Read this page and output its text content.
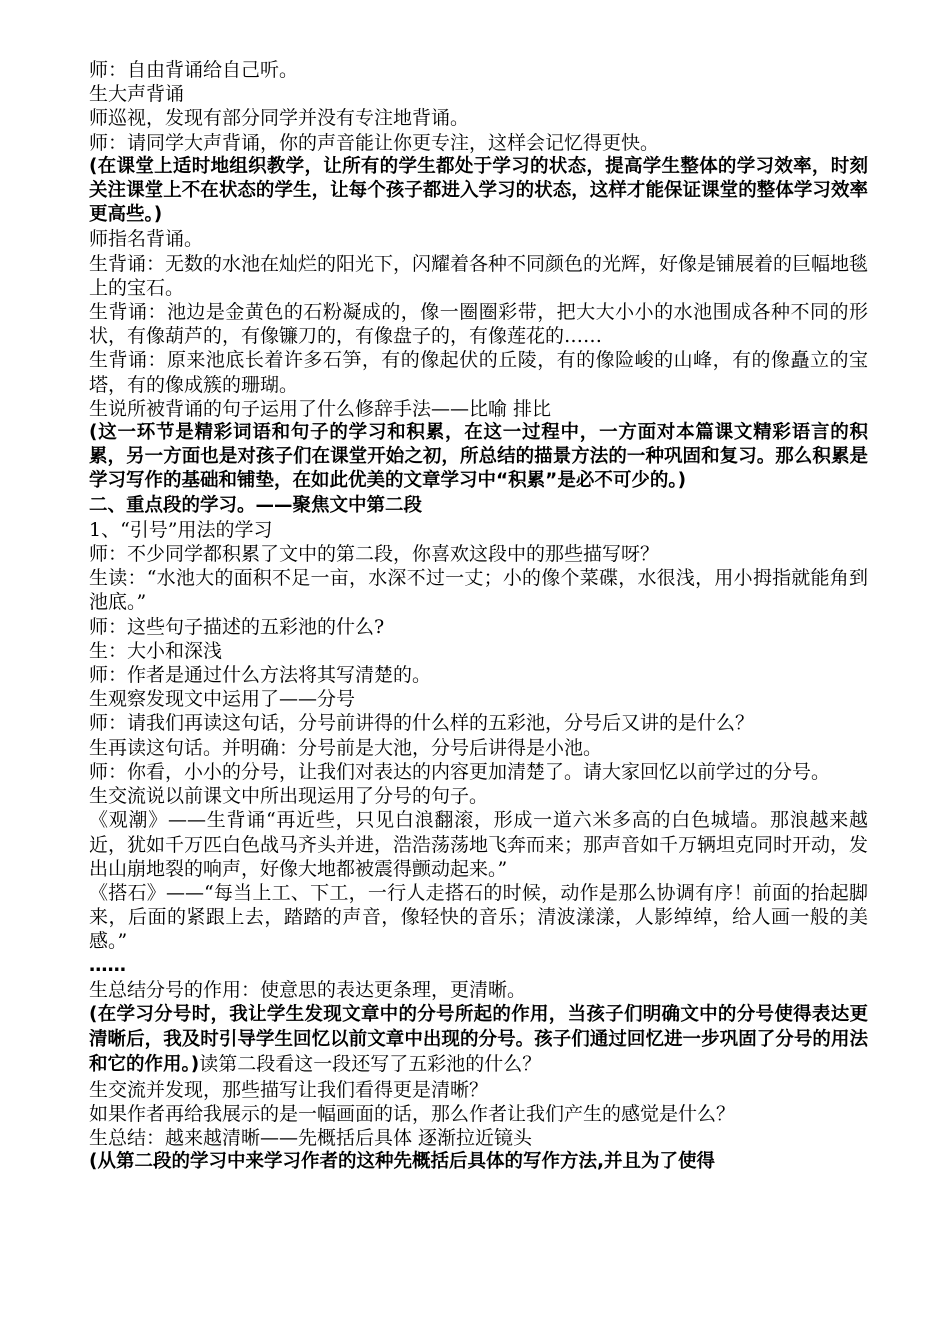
师：自由背诵给自己听。

生大声背诵

师巡视，发现有部分同学并没有专注地背诵。

师：请同学大声背诵，你的声音能让你更专注，这样会记忆得更快。

(在课堂上适时地组织教学，让所有的学生都处于学习的状态，提高学生整体的学习效率，时刻关注课堂上不在状态的学生，让每个孩子都进入学习的状态，这样才能保证课堂的整体学习效率更高些。)

师指名背诵。

生背诵：无数的水池在灿烂的阳光下，闪耀着各种不同颜色的光辉，好像是铺展着的巨幅地毯上的宝石。

生背诵：池边是金黄色的石粉凝成的，像一圈圈彩带，把大大小小的水池围成各种不同的形状，有像葫芦的，有像镰刀的，有像盘子的，有像莲花的……

生背诵：原来池底长着许多石笋，有的像起伏的丘陵，有的像险峻的山峰，有的像矗立的宝塔，有的像成簇的珊瑚。

生说所被背诵的句子运用了什么修辞手法——比喻 排比

(这一环节是精彩词语和句子的学习和积累，在这一过程中，一方面对本篇课文精彩语言的积累，另一方面也是对孩子们在课堂开始之初，所总结的描景方法的一种巩固和复习。那么积累是学习写作的基础和铺垫，在如此优美的文章学习中“积累”是必不可少的。)

二、重点段的学习。——聚焦文中第二段

1、“引号”用法的学习

师：不少同学都积累了文中的第二段，你喜欢这段中的那些描写呀？

生读：“水池大的面积不足一亩，水深不过一丈；小的像个菜碟，水很浅，用小拇指就能角到池底。”

师：这些句子描述的五彩池的什么?

生：大小和深浅

师：作者是通过什么方法将其写清楚的。

生观察发现文中运用了——分号

师：请我们再读这句话，分号前讲得的什么样的五彩池，分号后又讲的是什么？

生再读这句话。并明确：分号前是大池，分号后讲得是小池。

师：你看，小小的分号，让我们对表达的内容更加清楚了。请大家回忆以前学过的分号。

生交流说以前课文中所出现运用了分号的句子。

《观潮》——生背诵“再近些，只见白浪翻滚，形成一道六米多高的白色城墙。那浪越来越近，犹如千万匹白色战马齐头并进，浩浩荡荡地飞奔而来；那声音如千万辆坦克同时开动，发出山崩地裂的响声，好像大地都被震得颤动起来。”

《搭石》——“每当上工、下工，一行人走搭石的时候，动作是那么协调有序！前面的抬起脚来，后面的紧跟上去，踏踏的声音，像轻快的音乐；清波漾漾，人影绰绰，给人画一般的美感。”

……

生总结分号的作用：使意思的表达更条理，更清晰。

(在学习分号时，我让学生发现文章中的分号所起的作用，当孩子们明确文中的分号使得表达更清晰后，我及时引导学生回忆以前文章中出现的分号。孩子们通过回忆进一步巩固了分号的用法和它的作用。)读第二段看这一段还写了五彩池的什么？

生交流并发现，那些描写让我们看得更是清晰？

如果作者再给我展示的是一幅画面的话，那么作者让我们产生的感觉是什么？

生总结：越来越清晰——先概括后具体 逐渐拉近镜头

(从第二段的学习中来学习作者的这种先概括后具体的写作方法,并且为了使得
